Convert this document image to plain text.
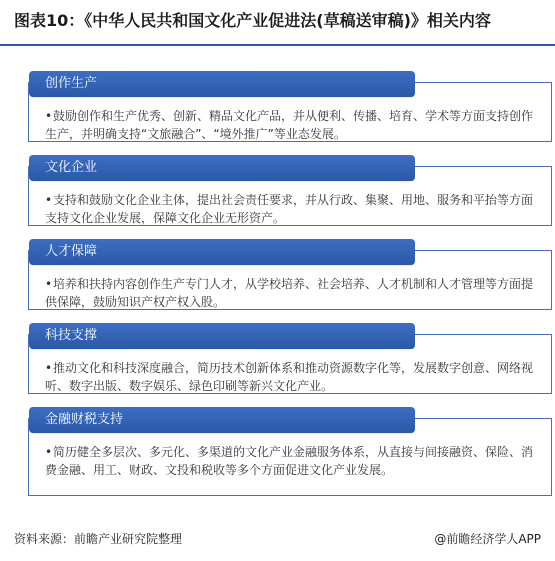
图表10：《中华人民共和国文化产业促进法(草稿送审稿)》相关内容
创作生产
•鼓励创作和生产优秀、创新、精品文化产品，并从便利、传播、培育、学术等方面支持创作生产，并明确支持“文旅融合”、“境外推广”等业态发展。
文化企业
•支持和鼓励文化企业主体，提出社会责任要求，并从行政、集聚、用地、服务和平抬等方面支持文化企业发展，保障文化企业无形资产。
人才保障
•培养和扶持内容创作生产专门人才，从学校培养、社会培养、人才机制和人才管理等方面提供保障，鼓励知识产权产权入股。
科技支撑
•推动文化和科技深度融合，简历技术创新体系和推动资源数字化等，发展数字创意、网络视听、数字出版、数字娱乐、绿色印刷等新兴文化产业。
金融财税支持
•简历健全多层次、多元化、多渠道的文化产业金融服务体系，从直接与间接融资、保险、消费金融、用工、财政、文投和税收等多个方面促进文化产业发展。
资料来源：前瞻产业研究院整理	@前瞻经济学人APP
